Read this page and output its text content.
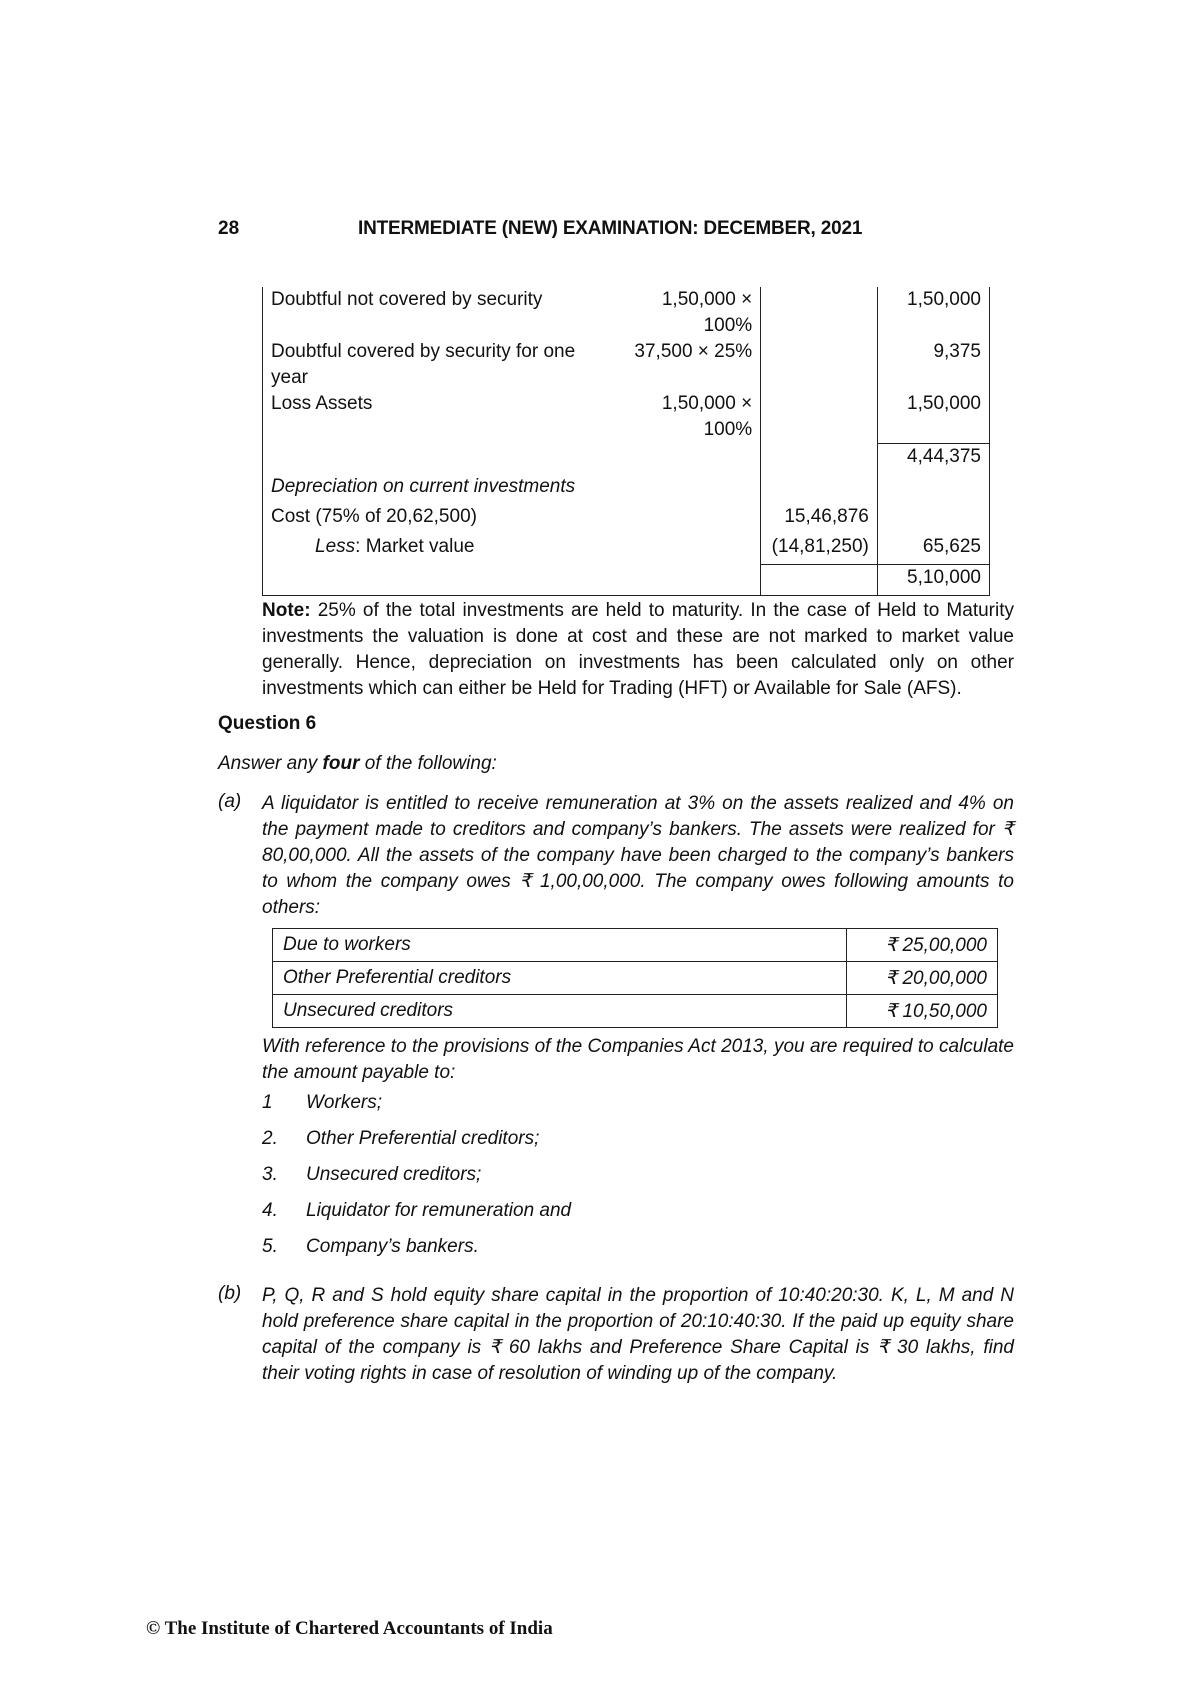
28	INTERMEDIATE (NEW) EXAMINATION: DECEMBER, 2021
Doubtful not covered by security	1,50,000 × 100%		1,50,000
Doubtful covered by security for one year	37,500 × 25%		9,375
Loss Assets	1,50,000 × 100%		1,50,000
			4,44,375
Depreciation on current investments			
Cost (75% of 20,62,500)		15,46,876	
Less: Market value		(14,81,250)	65,625
			5,10,000
Note: 25% of the total investments are held to maturity. In the case of Held to Maturity investments the valuation is done at cost and these are not marked to market value generally. Hence, depreciation on investments has been calculated only on other investments which can either be Held for Trading (HFT) or Available for Sale (AFS).
Question 6
Answer any four of the following:
(a) A liquidator is entitled to receive remuneration at 3% on the assets realized and 4% on the payment made to creditors and company’s bankers. The assets were realized for ₹ 80,00,000. All the assets of the company have been charged to the company’s bankers to whom the company owes ₹ 1,00,00,000. The company owes following amounts to others:
Due to workers	₹ 25,00,000
Other Preferential creditors	₹ 20,00,000
Unsecured creditors	₹ 10,50,000
With reference to the provisions of the Companies Act 2013, you are required to calculate the amount payable to:
1 Workers;
2. Other Preferential creditors;
3. Unsecured creditors;
4. Liquidator for remuneration and
5. Company’s bankers.
(b) P, Q, R and S hold equity share capital in the proportion of 10:40:20:30. K, L, M and N hold preference share capital in the proportion of 20:10:40:30. If the paid up equity share capital of the company is ₹ 60 lakhs and Preference Share Capital is ₹ 30 lakhs, find their voting rights in case of resolution of winding up of the company.
© The Institute of Chartered Accountants of India
